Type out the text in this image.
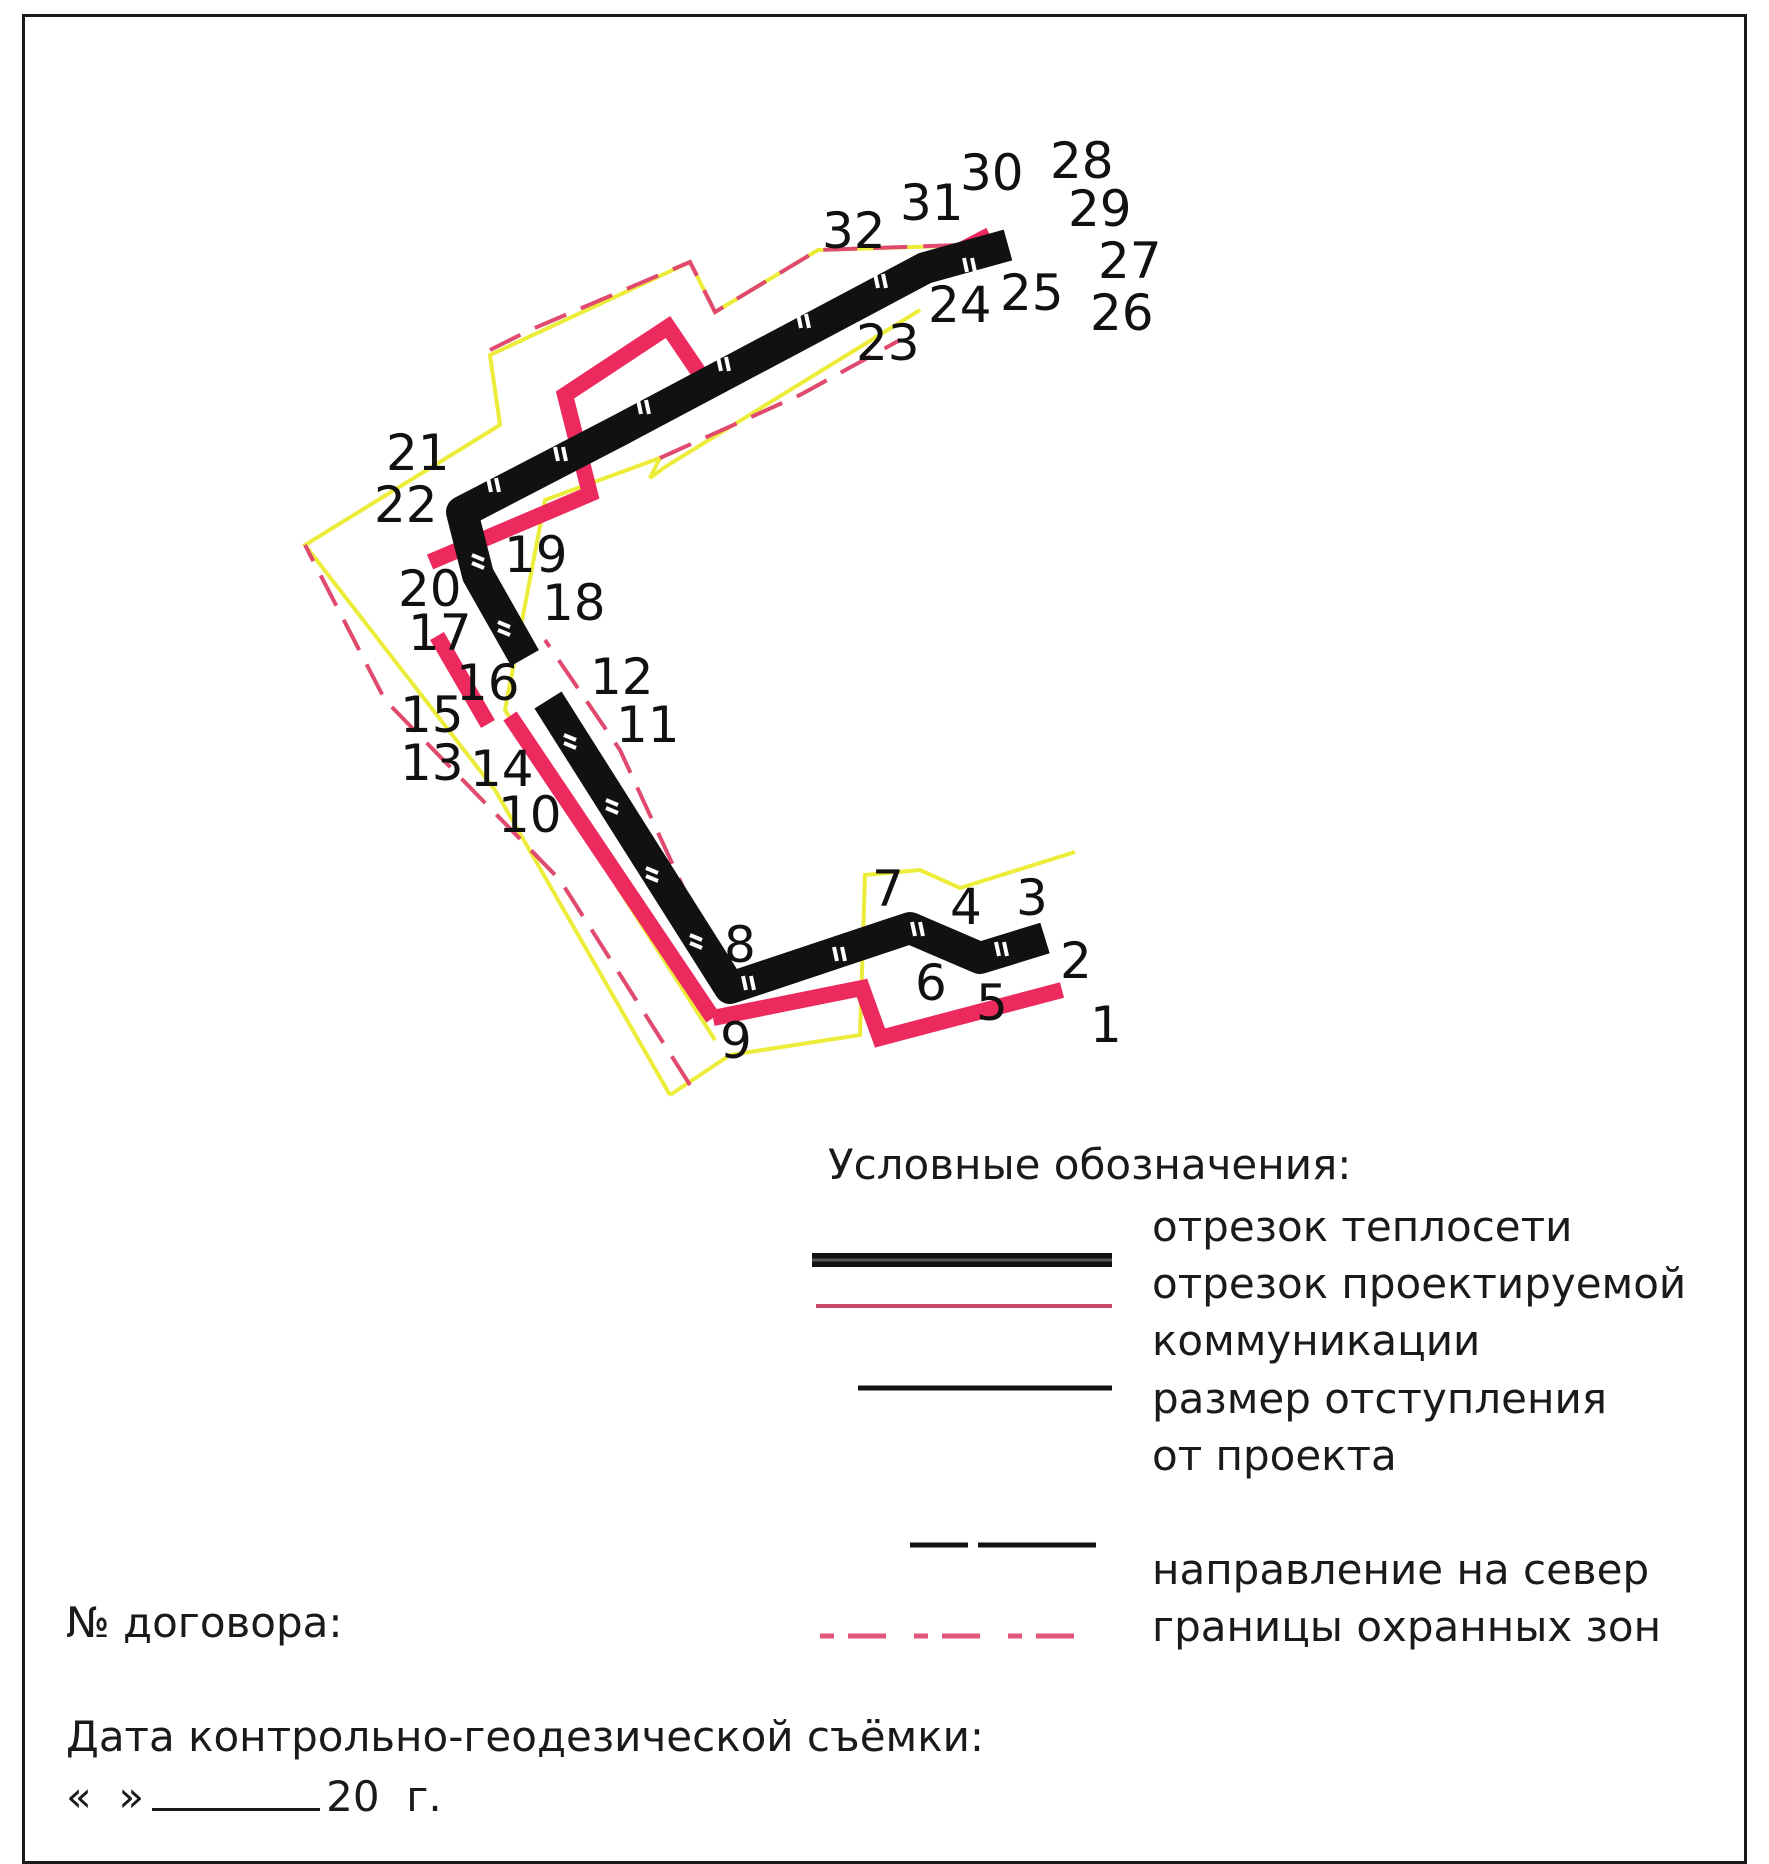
1
2
3
4
5
6
7
8
9
10
11
12
13 14
15
16
17
18
19
20
21
22
23
24 25 26
27
28
29
30
31
32
Условные обозначения:
отрезок теплосети
отрезок проектируемой
коммуникации
размер отступления
от проекта
направление на север
границы охранных зон
№ договора:
Дата контрольно-геодезической съёмки:
« »	20 г.
